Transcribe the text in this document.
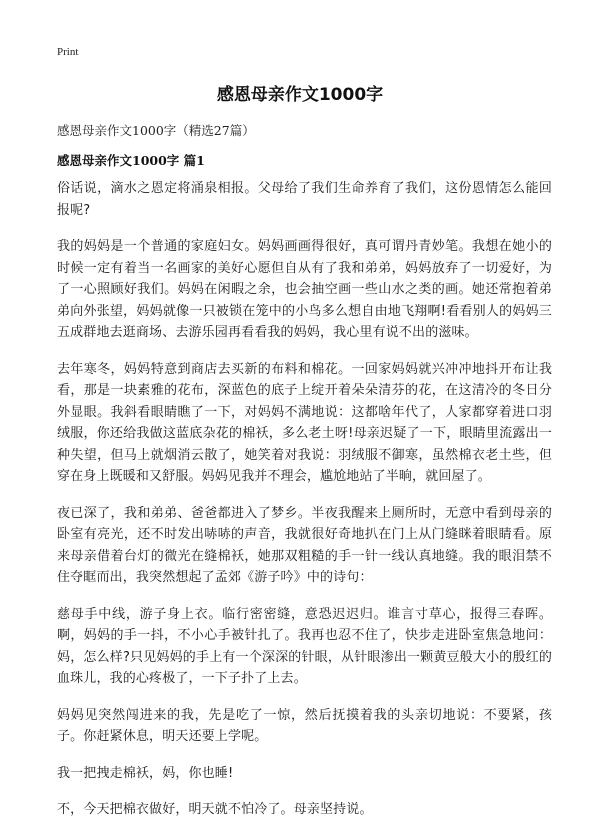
Print
感恩母亲作文1000字
感恩母亲作文1000字（精选27篇）
感恩母亲作文1000字 篇1

俗话说，滴水之恩定将涌泉相报。父母给了我们生命养育了我们，这份恩情怎么能回报呢?

我的妈妈是一个普通的家庭妇女。妈妈画画得很好，真可谓丹青妙笔。我想在她小的时候一定有着当一名画家的美好心愿但自从有了我和弟弟，妈妈放弃了一切爱好，为了一心照顾好我们。妈妈在闲暇之余，也会抽空画一些山水之类的画。她还常抱着弟弟向外张望，妈妈就像一只被锁在笼中的小鸟多么想自由地飞翔啊!看看别人的妈妈三五成群地去逛商场、去游乐园再看看我的妈妈，我心里有说不出的滋味。

去年寒冬，妈妈特意到商店去买新的布料和棉花。一回家妈妈就兴冲冲地抖开布让我看，那是一块素雅的花布，深蓝色的底子上绽开着朵朵清芬的花，在这清冷的冬日分外显眼。我斜看眼睛瞧了一下，对妈妈不满地说：这都啥年代了，人家都穿着进口羽绒服，你还给我做这蓝底杂花的棉袄，多么老土呀!母亲迟疑了一下，眼睛里流露出一种失望，但马上就烟消云散了，她笑着对我说：羽绒服不御寒，虽然棉衣老土些，但穿在身上既暖和又舒服。妈妈见我并不理会，尴尬地站了半晌，就回屋了。

夜已深了，我和弟弟、爸爸都进入了梦乡。半夜我醒来上厕所时，无意中看到母亲的卧室有亮光，还不时发出哧哧的声音，我就很好奇地扒在门上从门缝眯着眼睛看。原来母亲借着台灯的微光在缝棉袄，她那双粗糙的手一针一线认真地缝。我的眼泪禁不住夺眶而出，我突然想起了孟郊《游子吟》中的诗句：

慈母手中线，游子身上衣。临行密密缝，意恐迟迟归。谁言寸草心，报得三春晖。啊，妈妈的手一抖，不小心手被针扎了。我再也忍不住了，快步走进卧室焦急地问：妈，怎么样?只见妈妈的手上有一个深深的针眼，从针眼渗出一颗黄豆般大小的殷红的血珠儿，我的心疼极了，一下子扑了上去。

妈妈见突然闯进来的我，先是吃了一惊，然后抚摸着我的头亲切地说：不要紧，孩子。你赶紧休息，明天还要上学呢。

我一把拽走棉袄，妈，你也睡!

不，今天把棉衣做好，明天就不怕冷了。母亲坚持说。
